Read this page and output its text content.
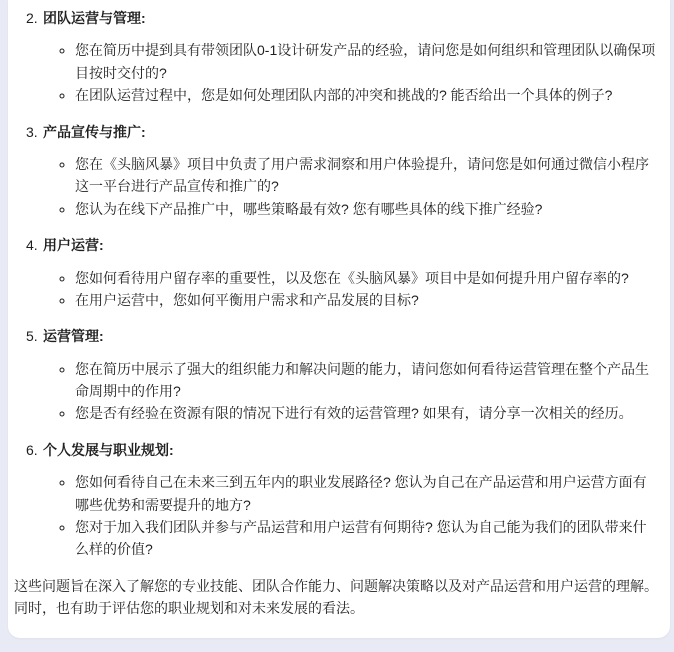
2. 团队运营与管理:

◦ 您在简历中提到具有带领团队0-1设计研发产品的经验，请问您是如何组织和管理团队以确保项目按时交付的?
◦ 在团队运营过程中，您是如何处理团队内部的冲突和挑战的? 能否给出一个具体的例子?

3. 产品宣传与推广:

◦ 您在《头脑风暴》项目中负责了用户需求洞察和用户体验提升，请问您是如何通过微信小程序这一平台进行产品宣传和推广的?
◦ 您认为在线下产品推广中，哪些策略最有效? 您有哪些具体的线下推广经验?

4. 用户运营:

◦ 您如何看待用户留存率的重要性，以及您在《头脑风暴》项目中是如何提升用户留存率的?
◦ 在用户运营中，您如何平衡用户需求和产品发展的目标?

5. 运营管理:

◦ 您在简历中展示了强大的组织能力和解决问题的能力，请问您如何看待运营管理在整个产品生命周期中的作用?
◦ 您是否有经验在资源有限的情况下进行有效的运营管理? 如果有，请分享一次相关的经历。

6. 个人发展与职业规划:

◦ 您如何看待自己在未来三到五年内的职业发展路径? 您认为自己在产品运营和用户运营方面有哪些优势和需要提升的地方?
◦ 您对于加入我们团队并参与产品运营和用户运营有何期待? 您认为自己能为我们的团队带来什么样的价值?

这些问题旨在深入了解您的专业技能、团队合作能力、问题解决策略以及对产品运营和用户运营的理解。同时，也有助于评估您的职业规划和对未来发展的看法。
